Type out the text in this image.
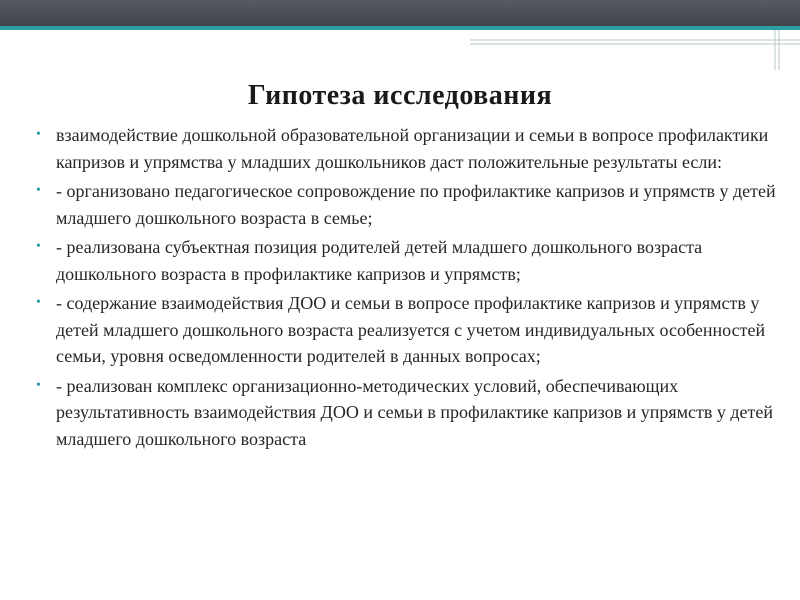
Гипотеза исследования
• взаимодействие дошкольной образовательной организации и семьи в вопросе профилактики капризов и упрямства у младших дошкольников даст положительные результаты если:
• - организовано педагогическое сопровождение по профилактике капризов и упрямств у детей младшего дошкольного возраста в семье;
• - реализована субъектная позиция родителей детей младшего дошкольного возраста дошкольного возраста в профилактике капризов и упрямств;
• - содержание взаимодействия ДОО и семьи в вопросе профилактике капризов и упрямств у детей младшего дошкольного возраста реализуется с учетом индивидуальных особенностей семьи, уровня осведомленности родителей в данных вопросах;
• - реализован комплекс организационно-методических условий, обеспечивающих результативность взаимодействия ДОО и семьи в профилактике капризов и упрямств у детей младшего дошкольного возраста
